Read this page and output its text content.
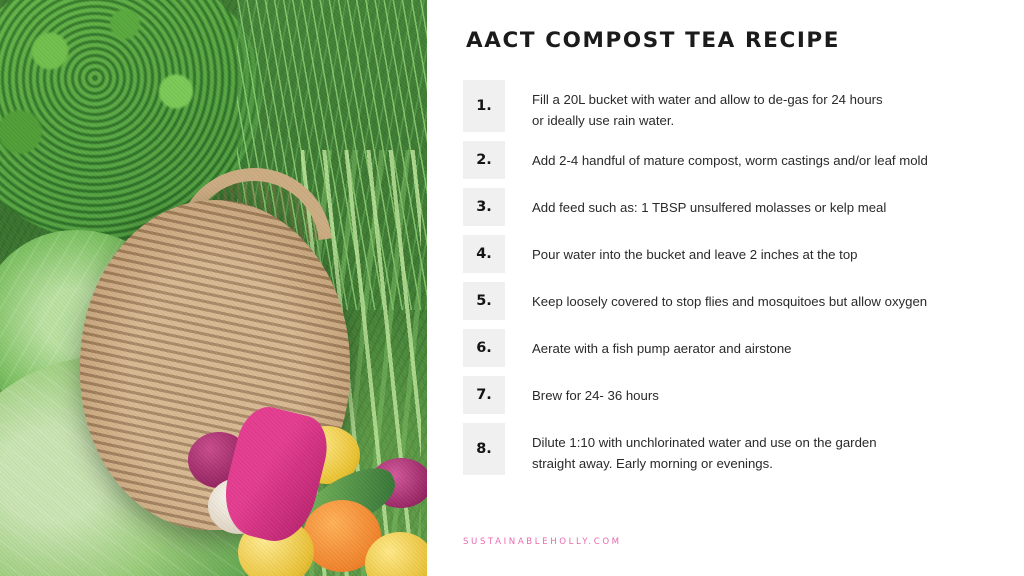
AACT COMPOST TEA RECIPE
1.	Fill a 20L bucket with water and allow to de-gas for 24 hours
or ideally use rain water.
2.	Add 2-4 handful of mature compost, worm castings and/or leaf mold
3.	Add feed such as: 1 TBSP unsulfered molasses or kelp meal
4.	Pour water into the bucket and leave 2 inches at the top
5.	Keep loosely covered to stop flies and mosquitoes but allow oxygen
6.	Aerate with a fish pump aerator and airstone
7.	Brew for 24- 36 hours
8.	Dilute 1:10 with unchlorinated water and use on the garden
straight away. Early morning or evenings.
SUSTAINABLEHOLLY.COM
